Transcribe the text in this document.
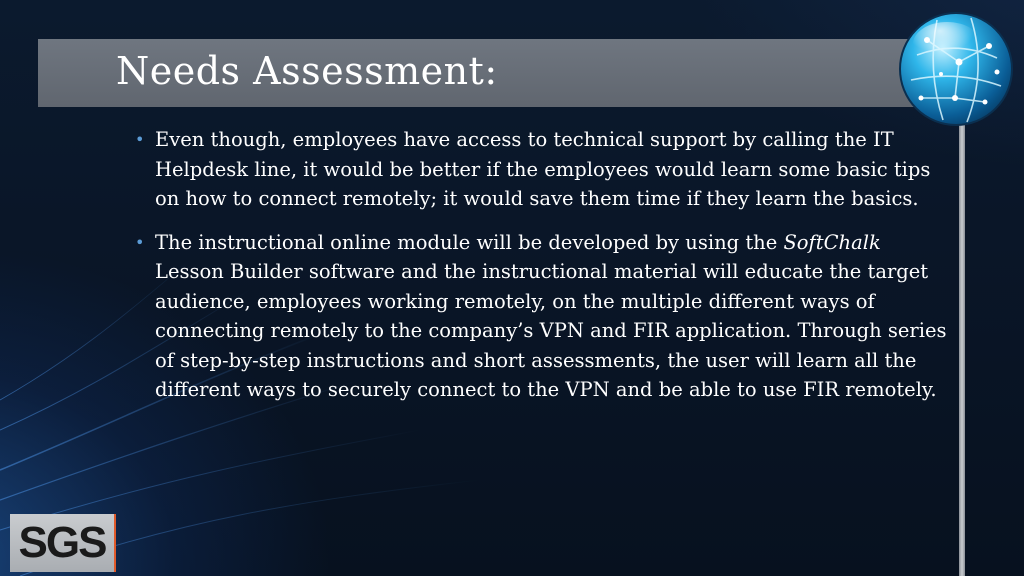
Needs Assessment:
• Even though, employees have access to technical support by calling the IT Helpdesk line, it would be better if the employees would learn some basic tips on how to connect remotely; it would save them time if they learn the basics.
• The instructional online module will be developed by using the SoftChalk Lesson Builder software and the instructional material will educate the target audience, employees working remotely, on the multiple different ways of connecting remotely to the company’s VPN and FIR application. Through series of step-by-step instructions and short assessments, the user will learn all the different ways to securely connect to the VPN and be able to use FIR remotely.
SGS
